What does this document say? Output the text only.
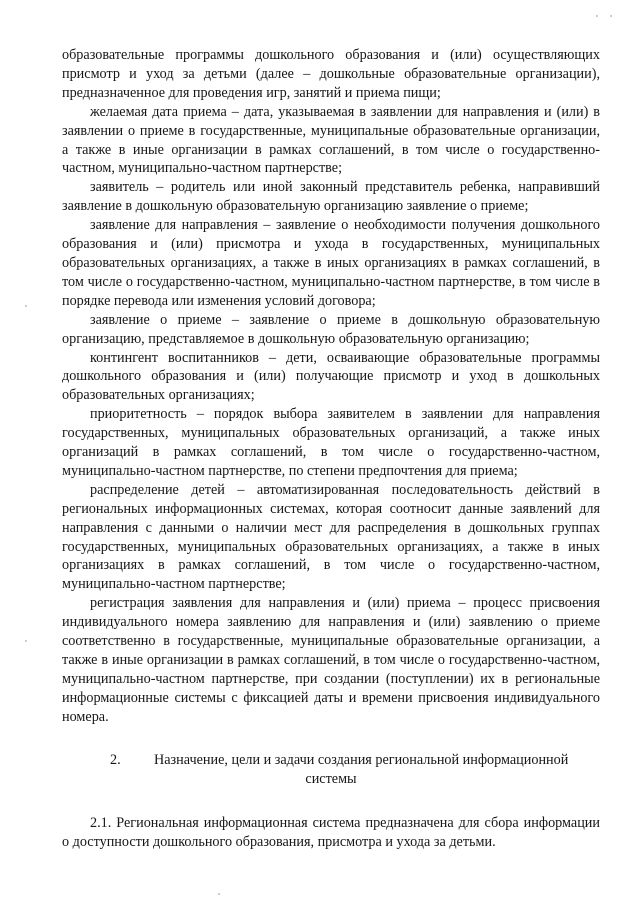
образовательные программы дошкольного образования и (или) осуществляющих присмотр и уход за детьми (далее – дошкольные образовательные организации), предназначенное для проведения игр, занятий и приема пищи;

желаемая дата приема – дата, указываемая в заявлении для направления и (или) в заявлении о приеме в государственные, муниципальные образовательные организации, а также в иные организации в рамках соглашений, в том числе о государственно-частном, муниципально-частном партнерстве;

заявитель – родитель или иной законный представитель ребенка, направивший заявление в дошкольную образовательную организацию заявление о приеме;

заявление для направления – заявление о необходимости получения дошкольного образования и (или) присмотра и ухода в государственных, муниципальных образовательных организациях, а также в иных организациях в рамках соглашений, в том числе о государственно-частном, муниципально-частном партнерстве, в том числе в порядке перевода или изменения условий договора;

заявление о приеме – заявление о приеме в дошкольную образовательную организацию, представляемое в дошкольную образовательную организацию;

контингент воспитанников – дети, осваивающие образовательные программы дошкольного образования и (или) получающие присмотр и уход в дошкольных образовательных организациях;

приоритетность – порядок выбора заявителем в заявлении для направления государственных, муниципальных образовательных организаций, а также иных организаций в рамках соглашений, в том числе о государственно-частном, муниципально-частном партнерстве, по степени предпочтения для приема;

распределение детей – автоматизированная последовательность действий в региональных информационных системах, которая соотносит данные заявлений для направления с данными о наличии мест для распределения в дошкольных группах государственных, муниципальных образовательных организациях, а также в иных организациях в рамках соглашений, в том числе о государственно-частном, муниципально-частном партнерстве;

регистрация заявления для направления и (или) приема – процесс присвоения индивидуального номера заявлению для направления и (или) заявлению о приеме соответственно в государственные, муниципальные образовательные организации, а также в иные организации в рамках соглашений, в том числе о государственно-частном, муниципально-частном партнерстве, при создании (поступлении) их в региональные информационные системы с фиксацией даты и времени присвоения индивидуального номера.

2. Назначение, цели и задачи создания региональной информационной
системы

2.1. Региональная информационная система предназначена для сбора информации о доступности дошкольного образования, присмотра и ухода за детьми.
